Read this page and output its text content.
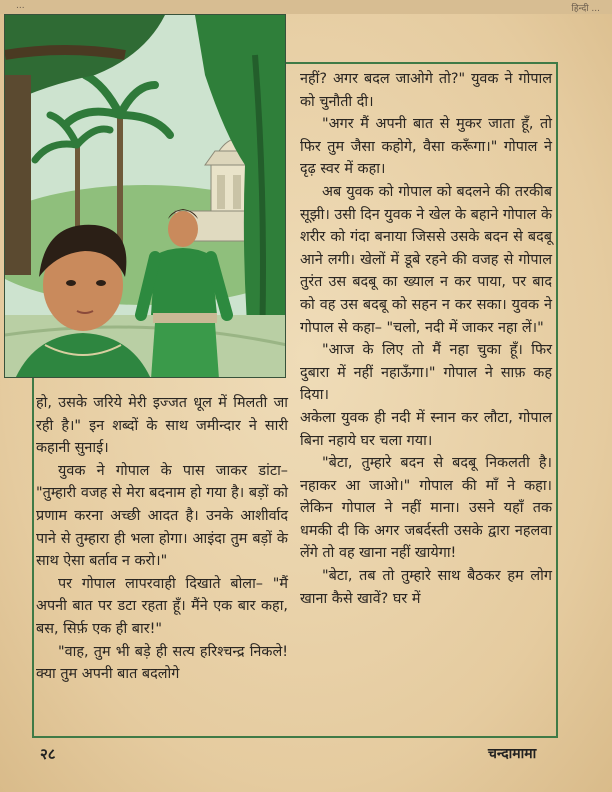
...	हिन्दी ...

नहीं? अगर बदल जाओगे तो?" युवक ने गोपाल को चुनौती दी।

"अगर मैं अपनी बात से मुकर जाता हूँ, तो फिर तुम जैसा कहोगे, वैसा करूँगा।" गोपाल ने दृढ़ स्वर में कहा।

अब युवक को गोपाल को बदलने की तरकीब सूझी। उसी दिन युवक ने खेल के बहाने गोपाल के शरीर को गंदा बनाया जिससे उसके बदन से बदबू आने लगी। खेलों में डूबे रहने की वजह से गोपाल तुरंत उस बदबू का ख्याल न कर पाया, पर बाद को वह उस बदबू को सहन न कर सका। युवक ने गोपाल से कहा– "चलो, नदी में जाकर नहा लें।"

"आज के लिए तो मैं नहा चुका हूँ। फिर दुबारा में नहीं नहाऊँगा।" गोपाल ने साफ़ कह दिया।

अकेला युवक ही नदी में स्नान कर लौटा, गोपाल बिना नहाये घर चला गया।

"बेटा, तुम्हारे बदन से बदबू निकलती है। नहाकर आ जाओ।" गोपाल की माँ ने कहा। लेकिन गोपाल ने नहीं माना। उसने यहाँ तक धमकी दी कि अगर जबर्दस्ती उसके द्वारा नहलवा लेंगे तो वह खाना नहीं खायेगा!

"बेटा, तब तो तुम्हारे साथ बैठकर हम लोग खाना कैसे खावें? घर में

हो, उसके जरिये मेरी इज्जत धूल में मिलती जा रही है।" इन शब्दों के साथ जमीन्दार ने सारी कहानी सुनाई।

युवक ने गोपाल के पास जाकर डांटा– "तुम्हारी वजह से मेरा बदनाम हो गया है। बड़ों को प्रणाम करना अच्छी आदत है। उनके आशीर्वाद पाने से तुम्हारा ही भला होगा। आइंदा तुम बड़ों के साथ ऐसा बर्ताव न करो।"

पर गोपाल लापरवाही दिखाते बोला– "मैं अपनी बात पर डटा रहता हूँ। मैंने एक बार कहा, बस, सिर्फ़ एक ही बार!"

"वाह, तुम भी बड़े ही सत्य हरिश्चन्द्र निकले! क्या तुम अपनी बात बदलोगे

२८	चन्दामामा
